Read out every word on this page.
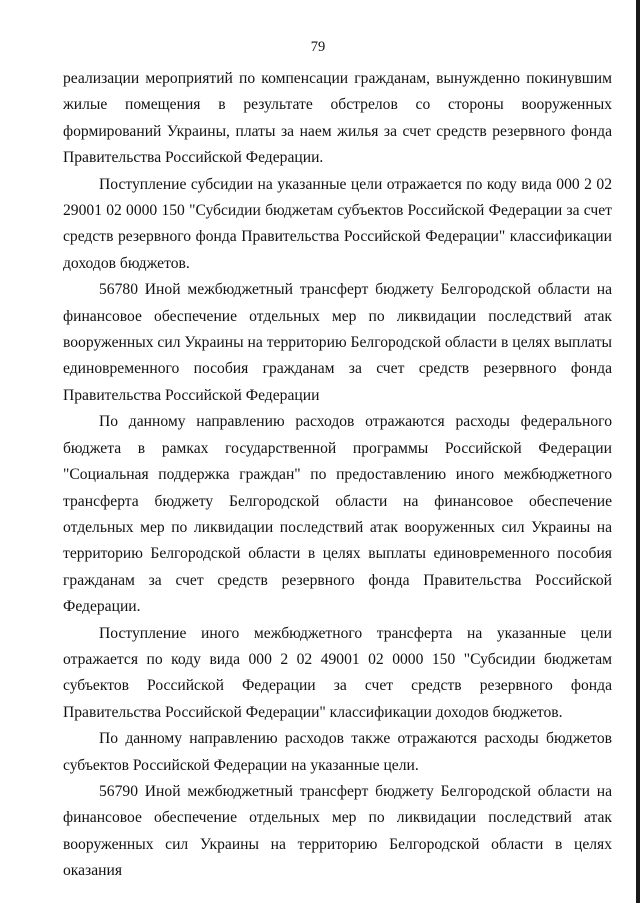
79

реализации мероприятий по компенсации гражданам, вынужденно покинувшим жилые помещения в результате обстрелов со стороны вооруженных формирований Украины, платы за наем жилья за счет средств резервного фонда Правительства Российской Федерации.

Поступление субсидии на указанные цели отражается по коду вида 000 2 02 29001 02 0000 150 "Субсидии бюджетам субъектов Российской Федерации за счет средств резервного фонда Правительства Российской Федерации" классификации доходов бюджетов.

56780 Иной межбюджетный трансферт бюджету Белгородской области на финансовое обеспечение отдельных мер по ликвидации последствий атак вооруженных сил Украины на территорию Белгородской области в целях выплаты единовременного пособия гражданам за счет средств резервного фонда Правительства Российской Федерации

По данному направлению расходов отражаются расходы федерального бюджета в рамках государственной программы Российской Федерации "Социальная поддержка граждан" по предоставлению иного межбюджетного трансферта бюджету Белгородской области на финансовое обеспечение отдельных мер по ликвидации последствий атак вооруженных сил Украины на территорию Белгородской области в целях выплаты единовременного пособия гражданам за счет средств резервного фонда Правительства Российской Федерации.

Поступление иного межбюджетного трансферта на указанные цели отражается по коду вида 000 2 02 49001 02 0000 150 "Субсидии бюджетам субъектов Российской Федерации за счет средств резервного фонда Правительства Российской Федерации" классификации доходов бюджетов.

По данному направлению расходов также отражаются расходы бюджетов субъектов Российской Федерации на указанные цели.

56790 Иной межбюджетный трансферт бюджету Белгородской области на финансовое обеспечение отдельных мер по ликвидации последствий атак вооруженных сил Украины на территорию Белгородской области в целях оказания
